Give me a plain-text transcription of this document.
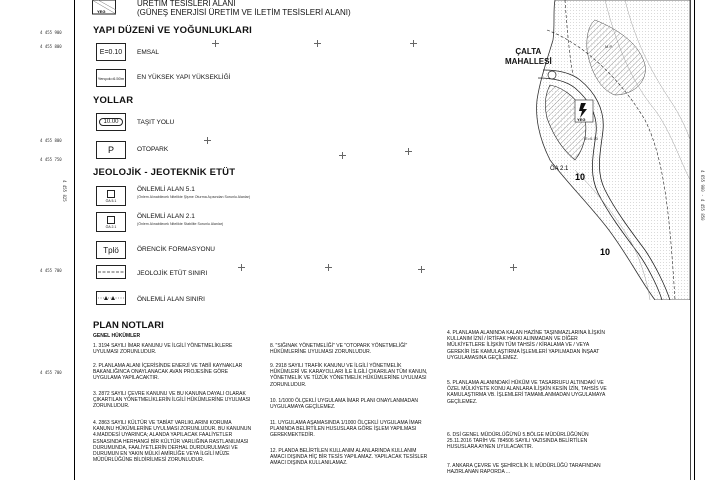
4 455 900
4 455 800
4 455 800
4 455 750
4 455 700
4 455 700
4 455 825	4 655 900 - 4 455 850
YEG
ÜRETİM TESİSLERİ ALANI
(GÜNEŞ ENERJİSİ ÜRETİM VE İLETİM TESİSLERİ ALANI)
YAPI DÜZENİ VE YOĞUNLUKLARI
E=0.10	EMSAL
Yençok=6.50m EN YÜKSEK YAPI YÜKSEKLİĞİ
YOLLAR
10.00	TAŞIT YOLU
P	OTOPARK
JEOLOJİK - JEOTEKNİK ETÜT
ÖA 5.1
ÖNLEMLİ ALAN 5.1
(Önlem Alınabilecek Nitelikte Şişme Oturma Açısından Sorunlu Alanlar)
ÖA 2.1
ÖNLEMLİ ALAN 2.1
(Önlem Alınabilecek Nitelikte Stabilite Sorunlu Alanlar)
Tplö	ÖRENCİK FORMASYONU
JEOLOJİK ETÜT SINIRI
ÖNLEMLİ ALAN SINIRI
YEG
E=0.10
ÖA 2.1
10
10
M.P.
ÇALTA
MAHALLESİ
PLAN NOTLARI
GENEL HÜKÜMLER
1. 3194 SAYILI İMAR KANUNU VE İLGİLİ YÖNETMELİKLERE UYULMASI ZORUNLUDUR.
2. PLANLAMA ALANI İÇERİSİNDE ENERJİ VE TABİİ KAYNAKLAR BAKANLIĞINCA ONAYLANACAK AVAN PROJESİNE GÖRE UYGULAMA YAPILACAKTIR.
3. 2872 SAYILI ÇEVRE KANUNU VE BU KANUNA DAYALI OLARAK ÇIKARTILAN YÖNETMELİKLERİN İLGİLİ HÜKÜMLERİNE UYULMASI ZORUNLUDUR.
4. 2863 SAYILI KÜLTÜR VE TABİAT VARLIKLARINI KORUMA KANUNU HÜKÜMLERİNE UYULMASI ZORUNLUDUR. BU KANUNUN 4.MADDESİ UYARINCA; ALANDA YAPILACAK FAALİYETLER ESNASINDA HERHANGİ BİR KÜLTÜR VARLIĞINA RASTLANILMASI DURUMUNDA, FAALİYETLERİN DERHAL DURDURULMASI VE DURUMUN EN YAKIN MÜLKİ AMİRLİĞE VEYA İLGİLİ MÜZE MÜDÜRLÜĞÜNE BİLDİRİLMESİ ZORUNLUDUR.
8. "SIĞINAK YÖNETMELİĞİ" VE "OTOPARK YÖNETMELİĞİ" HÜKÜMLERİNE UYULMASI ZORUNLUDUR.
9. 2918 SAYILI TRAFİK KANUNU VE İLGİLİ YÖNETMELİK HÜKÜMLERİ VE KARAYOLLARI İLE İLGİLİ ÇIKARILAN TÜM KANUN, YÖNETMELİK VE TÜZÜK YÖNETMELİK HÜKÜMLERİNE UYULMASI ZORUNLUDUR.
10. 1/1000 ÖLÇEKLİ UYGULAMA İMAR PLANI ONAYLANMADAN UYGULAMAYA GEÇİLEMEZ.
11. UYGULAMA AŞAMASINDA 1/1000 ÖLÇEKLİ UYGULAMA İMAR PLANINDA BELİRTİLEN HUSUSLARA GÖRE İŞLEM YAPILMASI GEREKMEKTEDİR.
12. PLANDA BELİRTİLEN KULLANIM ALANLARINDA KULLANIM AMACI DIŞINDA HİÇ BİR TESİS YAPILAMAZ. YAPILACAK TESİSLER AMACI DIŞINDA KULLANILAMAZ.
4. PLANLAMA ALANINDA KALAN HAZİNE TAŞINMAZLARINA İLİŞKİN KULLANIM İZNİ / İRTİFAK HAKKI ALINMADAN VE DİĞER MÜLKİYETLERE İLİŞKİN TÜM TAHSİS / KİRALAMA VE / VEYA GEREKİR İSE KAMULAŞTIRMA İŞLEMLERİ YAPILMADAN İNŞAAT UYGULAMASINA GEÇİLEMEZ.
5. PLANLAMA ALANINDAKİ HÜKÜM VE TASARRUFU ALTINDAKİ VE ÖZEL MÜLKİYETE KONU ALANLARA İLİŞKİN KESİN İZİN, TAHSİS VE KAMULAŞTIRMA VB. İŞLEMLERİ TAMAMLANMADAN UYGULAMAYA GEÇİLEMEZ.
6. DSİ GENEL MÜDÜRLÜĞÜ'NÜ 5.BÖLGE MÜDÜRLÜĞÜNÜN 25.11.2016 TARİH VE 784506 SAYILI YAZISINDA BELİRTİLEN HUSUSLARA AYNEN UYULACAKTIR.
7. ANKARA ÇEVRE VE ŞEHİRCİLİK İL MÜDÜRLÜĞÜ TARAFINDAN HAZIRLANAN RAPORDA ...
